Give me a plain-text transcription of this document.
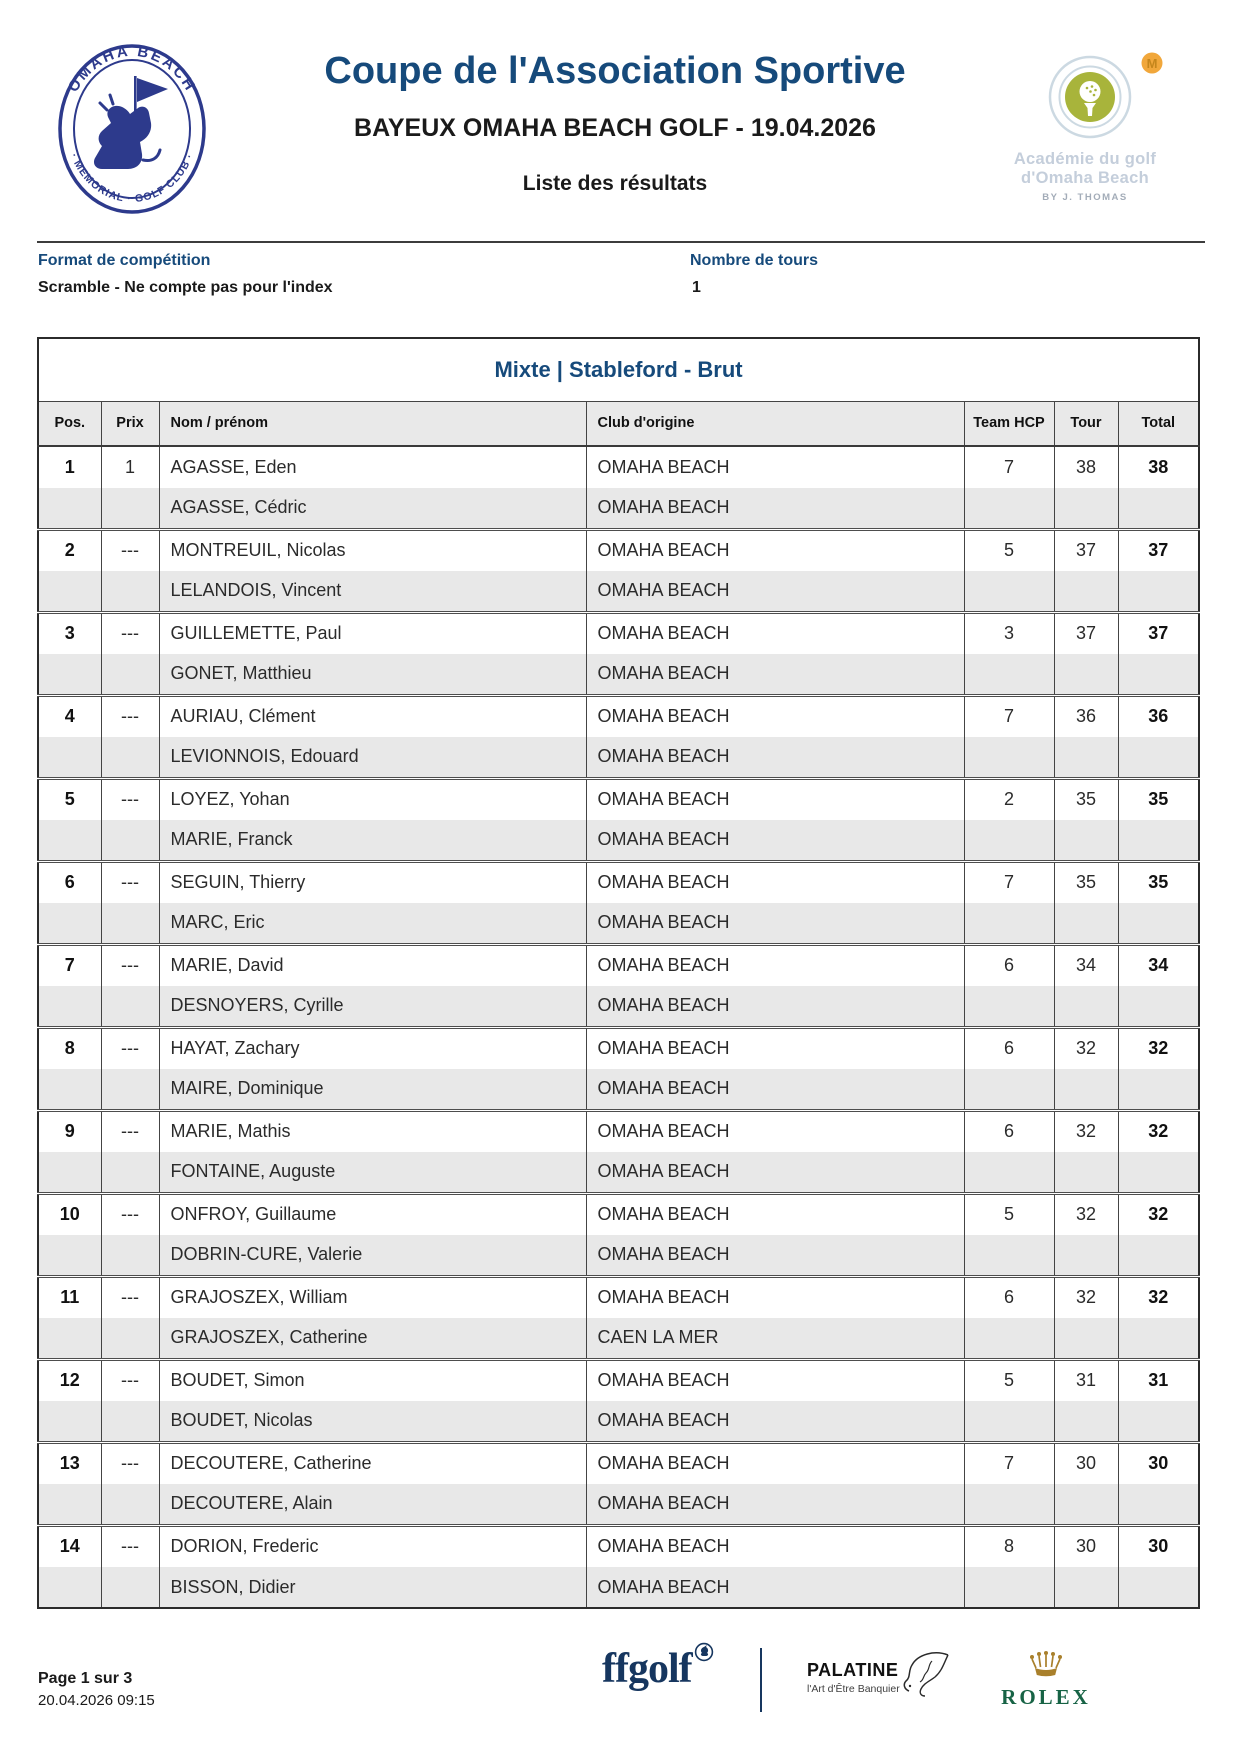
OMAHA BEACH
· MEMORIAL · GOLF CLUB ·
Coupe de l'Association Sportive
BAYEUX OMAHA BEACH GOLF - 19.04.2026
Liste des résultats
M
Académie du golf
d'Omaha Beach
BY J. THOMAS
Format de compétition
Scramble - Ne compte pas pour l'index
Nombre de tours
1
Mixte | Stableford - Brut						
Pos.	Prix	Nom / prénom	Club d'origine	Team HCP	Tour	Total
1	1	AGASSE, Eden	OMAHA BEACH	7	38	38
		AGASSE, Cédric	OMAHA BEACH			
2	---	MONTREUIL, Nicolas	OMAHA BEACH	5	37	37
		LELANDOIS, Vincent	OMAHA BEACH			
3	---	GUILLEMETTE, Paul	OMAHA BEACH	3	37	37
		GONET, Matthieu	OMAHA BEACH			
4	---	AURIAU, Clément	OMAHA BEACH	7	36	36
		LEVIONNOIS, Edouard	OMAHA BEACH			
5	---	LOYEZ, Yohan	OMAHA BEACH	2	35	35
		MARIE, Franck	OMAHA BEACH			
6	---	SEGUIN, Thierry	OMAHA BEACH	7	35	35
		MARC, Eric	OMAHA BEACH			
7	---	MARIE, David	OMAHA BEACH	6	34	34
		DESNOYERS, Cyrille	OMAHA BEACH			
8	---	HAYAT, Zachary	OMAHA BEACH	6	32	32
		MAIRE, Dominique	OMAHA BEACH			
9	---	MARIE, Mathis	OMAHA BEACH	6	32	32
		FONTAINE, Auguste	OMAHA BEACH			
10	---	ONFROY, Guillaume	OMAHA BEACH	5	32	32
		DOBRIN-CURE, Valerie	OMAHA BEACH			
11	---	GRAJOSZEX, William	OMAHA BEACH	6	32	32
		GRAJOSZEX, Catherine	CAEN LA MER			
12	---	BOUDET, Simon	OMAHA BEACH	5	31	31
		BOUDET, Nicolas	OMAHA BEACH			
13	---	DECOUTERE, Catherine	OMAHA BEACH	7	30	30
		DECOUTERE, Alain	OMAHA BEACH			
14	---	DORION, Frederic	OMAHA BEACH	8	30	30
		BISSON, Didier	OMAHA BEACH			
Page 1 sur 3
20.04.2026 09:15
ffgolf	PALATINE
l'Art d'Être Banquier	ROLEX
